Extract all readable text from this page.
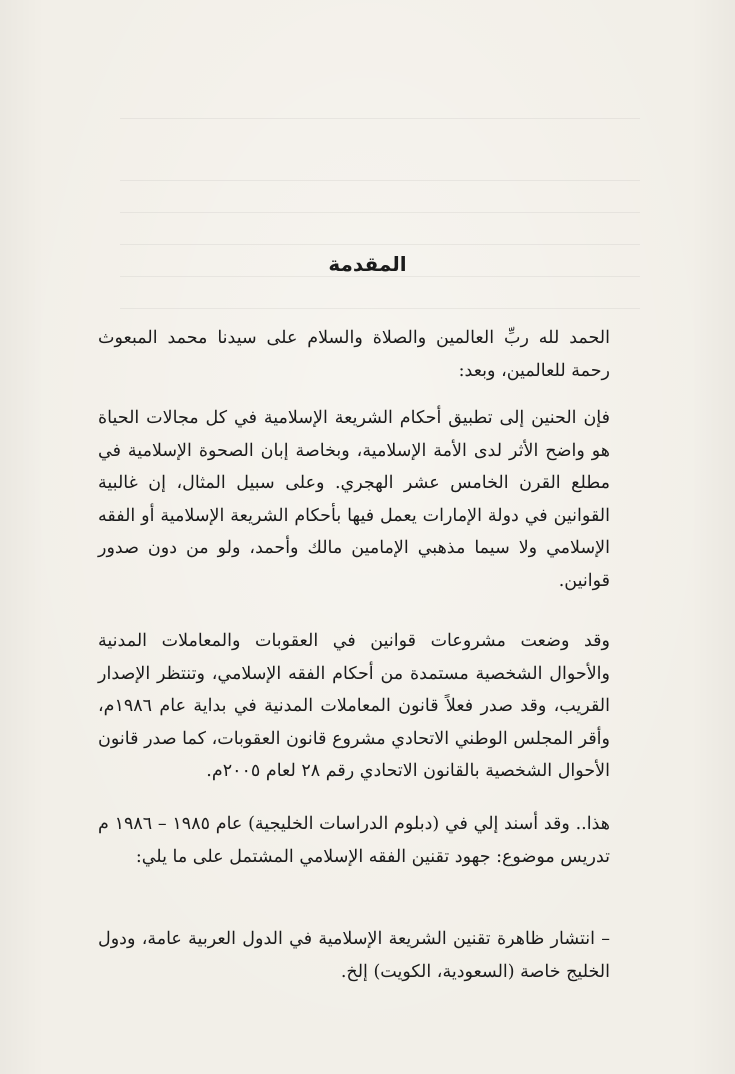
المقدمة
الحمد لله ربِّ العالمين والصلاة والسلام على سيدنا محمد المبعوث رحمة للعالمين، وبعد:
فإن الحنين إلى تطبيق أحكام الشريعة الإسلامية في كل مجالات الحياة هو واضح الأثر لدى الأمة الإسلامية، وبخاصة إبان الصحوة الإسلامية في مطلع القرن الخامس عشر الهجري. وعلى سبيل المثال، إن غالبية القوانين في دولة الإمارات يعمل فيها بأحكام الشريعة الإسلامية أو الفقه الإسلامي ولا سيما مذهبي الإمامين مالك وأحمد، ولو من دون صدور قوانين.
وقد وضعت مشروعات قوانين في العقوبات والمعاملات المدنية والأحوال الشخصية مستمدة من أحكام الفقه الإسلامي، وتنتظر الإصدار القريب، وقد صدر فعلاً قانون المعاملات المدنية في بداية عام ١٩٨٦م، وأقر المجلس الوطني الاتحادي مشروع قانون العقوبات، كما صدر قانون الأحوال الشخصية بالقانون الاتحادي رقم ٢٨ لعام ٢٠٠٥م.
هذا.. وقد أسند إلي في (دبلوم الدراسات الخليجية) عام ١٩٨٥ – ١٩٨٦ م تدريس موضوع: جهود تقنين الفقه الإسلامي المشتمل على ما يلي:
– انتشار ظاهرة تقنين الشريعة الإسلامية في الدول العربية عامة، ودول الخليج خاصة (السعودية، الكويت) إلخ.
